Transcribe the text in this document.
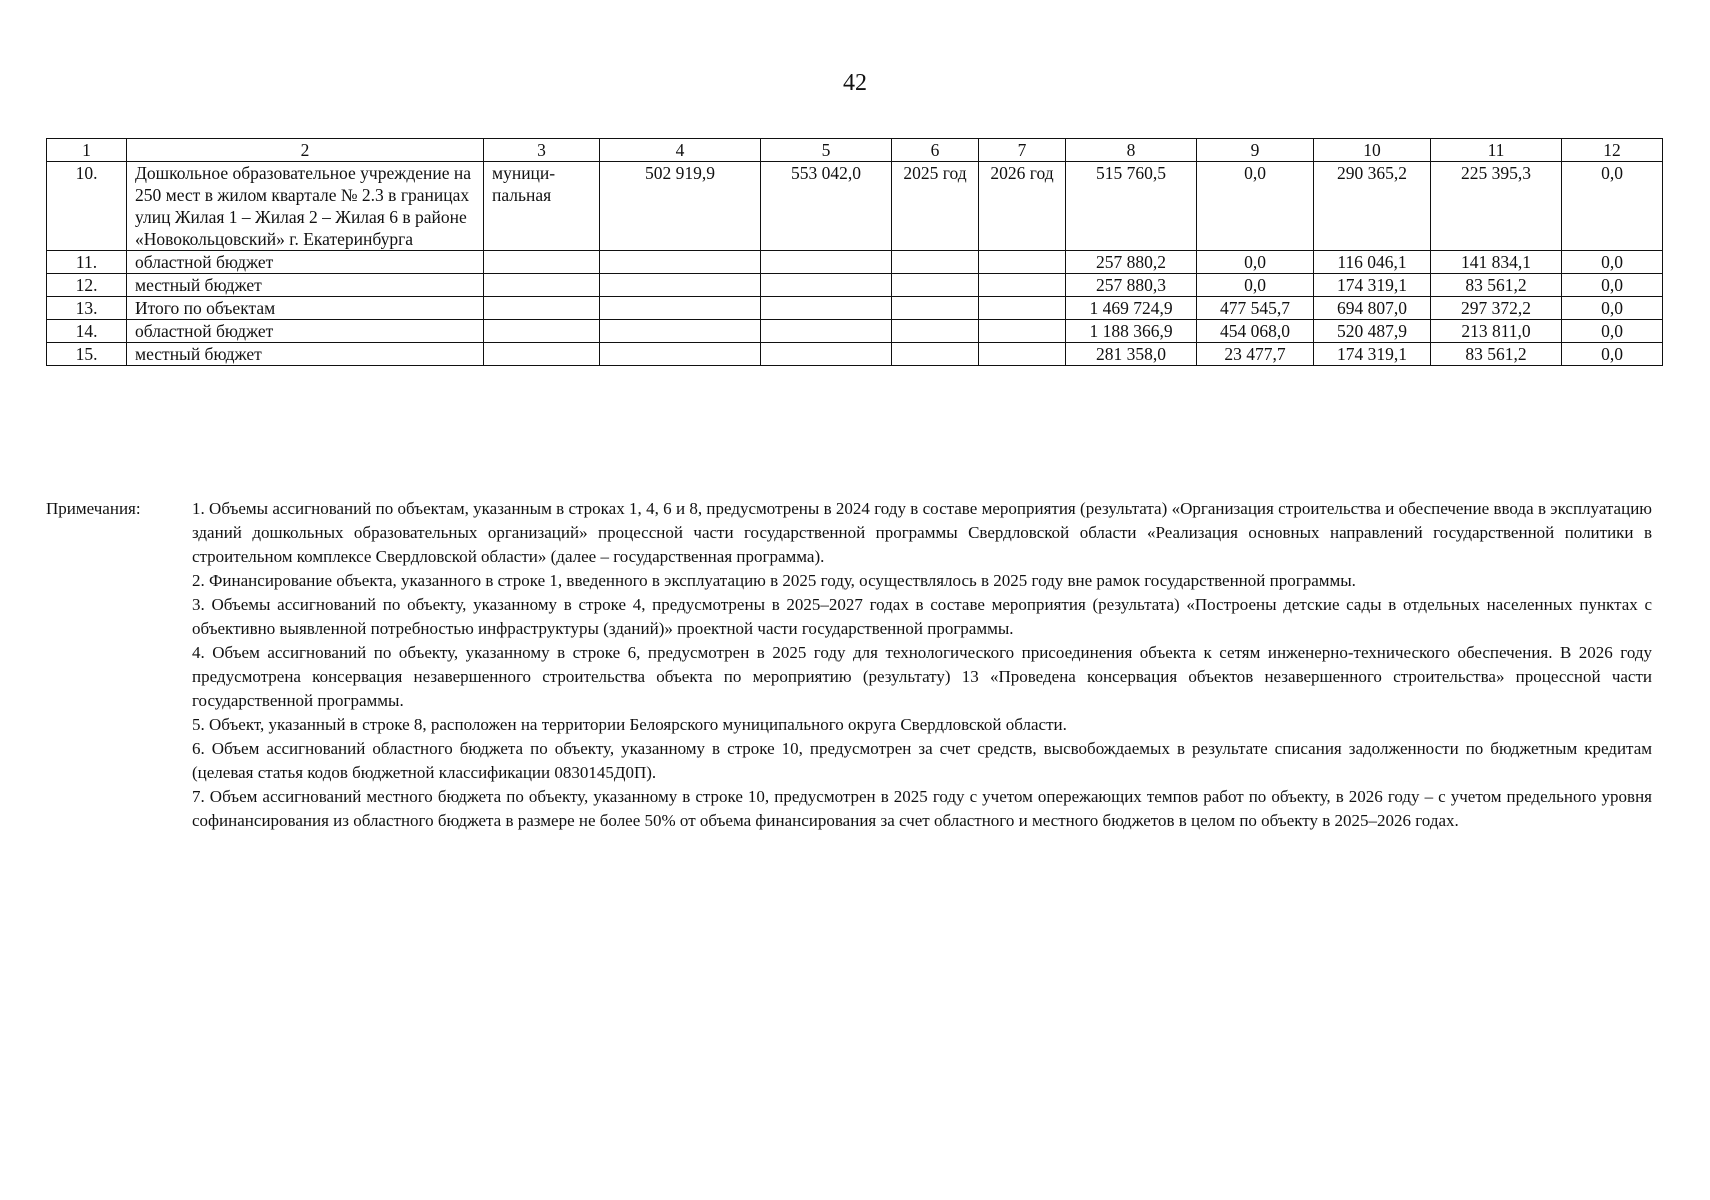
42
1	2	3	4	5	6	7	8	9	10	11	12
10.	Дошкольное образовательное учреждение на 250 мест в жилом квартале № 2.3 в границах улиц Жилая 1 – Жилая 2 – Жилая 6 в районе «Новокольцовский» г. Екатеринбурга	муници-пальная	502 919,9	553 042,0	2025 год	2026 год	515 760,5	0,0	290 365,2	225 395,3	0,0
11.	областной бюджет						257 880,2	0,0	116 046,1	141 834,1	0,0
12.	местный бюджет						257 880,3	0,0	174 319,1	83 561,2	0,0
13.	Итого по объектам						1 469 724,9	477 545,7	694 807,0	297 372,2	0,0
14.	областной бюджет						1 188 366,9	454 068,0	520 487,9	213 811,0	0,0
15.	местный бюджет						281 358,0	23 477,7	174 319,1	83 561,2	0,0
Примечания:	1. Объемы ассигнований по объектам, указанным в строках 1, 4, 6 и 8, предусмотрены в 2024 году в составе мероприятия (результата) «Организация строительства и обеспечение ввода в эксплуатацию зданий дошкольных образовательных организаций» процессной части государственной программы Свердловской области «Реализация основных направлений государственной политики в строительном комплексе Свердловской области» (далее – государственная программа).

2. Финансирование объекта, указанного в строке 1, введенного в эксплуатацию в 2025 году, осуществлялось в 2025 году вне рамок государственной программы.

3. Объемы ассигнований по объекту, указанному в строке 4, предусмотрены в 2025–2027 годах в составе мероприятия (результата) «Построены детские сады в отдельных населенных пунктах с объективно выявленной потребностью инфраструктуры (зданий)» проектной части государственной программы.

4. Объем ассигнований по объекту, указанному в строке 6, предусмотрен в 2025 году для технологического присоединения объекта к сетям инженерно-технического обеспечения. В 2026 году предусмотрена консервация незавершенного строительства объекта по мероприятию (результату) 13 «Проведена консервация объектов незавершенного строительства» процессной части государственной программы.

5. Объект, указанный в строке 8, расположен на территории Белоярского муниципального округа Свердловской области.

6. Объем ассигнований областного бюджета по объекту, указанному в строке 10, предусмотрен за счет средств, высвобождаемых в результате списания задолженности по бюджетным кредитам (целевая статья кодов бюджетной классификации 0830145Д0П).

7. Объем ассигнований местного бюджета по объекту, указанному в строке 10, предусмотрен в 2025 году с учетом опережающих темпов работ по объекту, в 2026 году – с учетом предельного уровня софинансирования из областного бюджета в размере не более 50% от объема финансирования за счет областного и местного бюджетов в целом по объекту в 2025–2026 годах.
